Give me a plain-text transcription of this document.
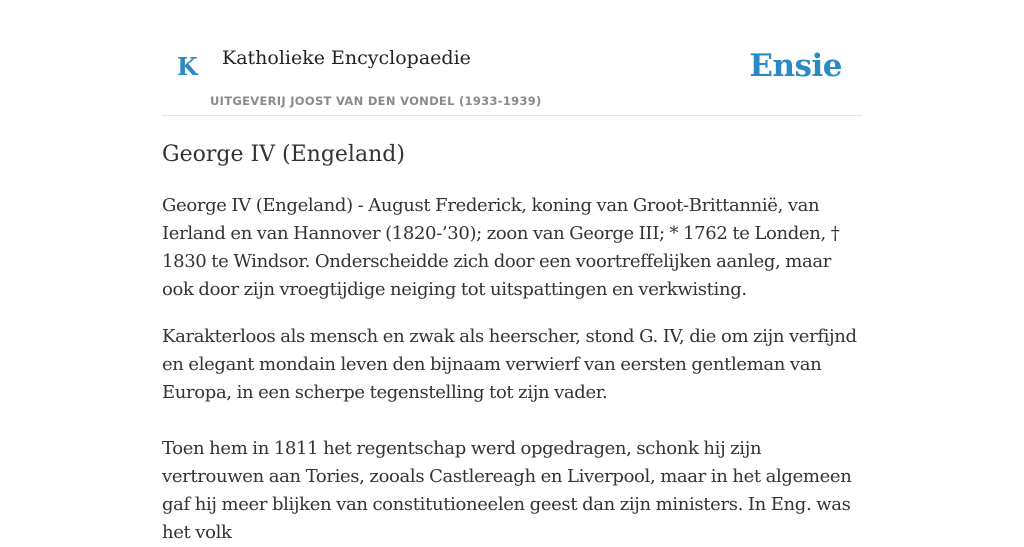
K Katholieke Encyclopaedie
UITGEVERIJ JOOST VAN DEN VONDEL (1933-1939)
Ensie
George IV (Engeland)

George IV (Engeland) - August Frederick, koning van Groot-Brittannië, van Ierland en van Hannover (1820-’30); zoon van George III; * 1762 te Londen, † 1830 te Windsor. Onderscheidde zich door een voortreffelijken aanleg, maar ook door zijn vroegtijdige neiging tot uitspattingen en verkwisting.

Karakterloos als mensch en zwak als heerscher, stond G. IV, die om zijn verfijnd en elegant mondain leven den bijnaam verwierf van eersten gentleman van Europa, in een scherpe tegenstelling tot zijn vader.

Toen hem in 1811 het regentschap werd opgedragen, schonk hij zijn vertrouwen aan Tories, zooals Castlereagh en Liverpool, maar in het algemeen gaf hij meer blijken van constitutioneelen geest dan zijn ministers. In Eng. was het volk
